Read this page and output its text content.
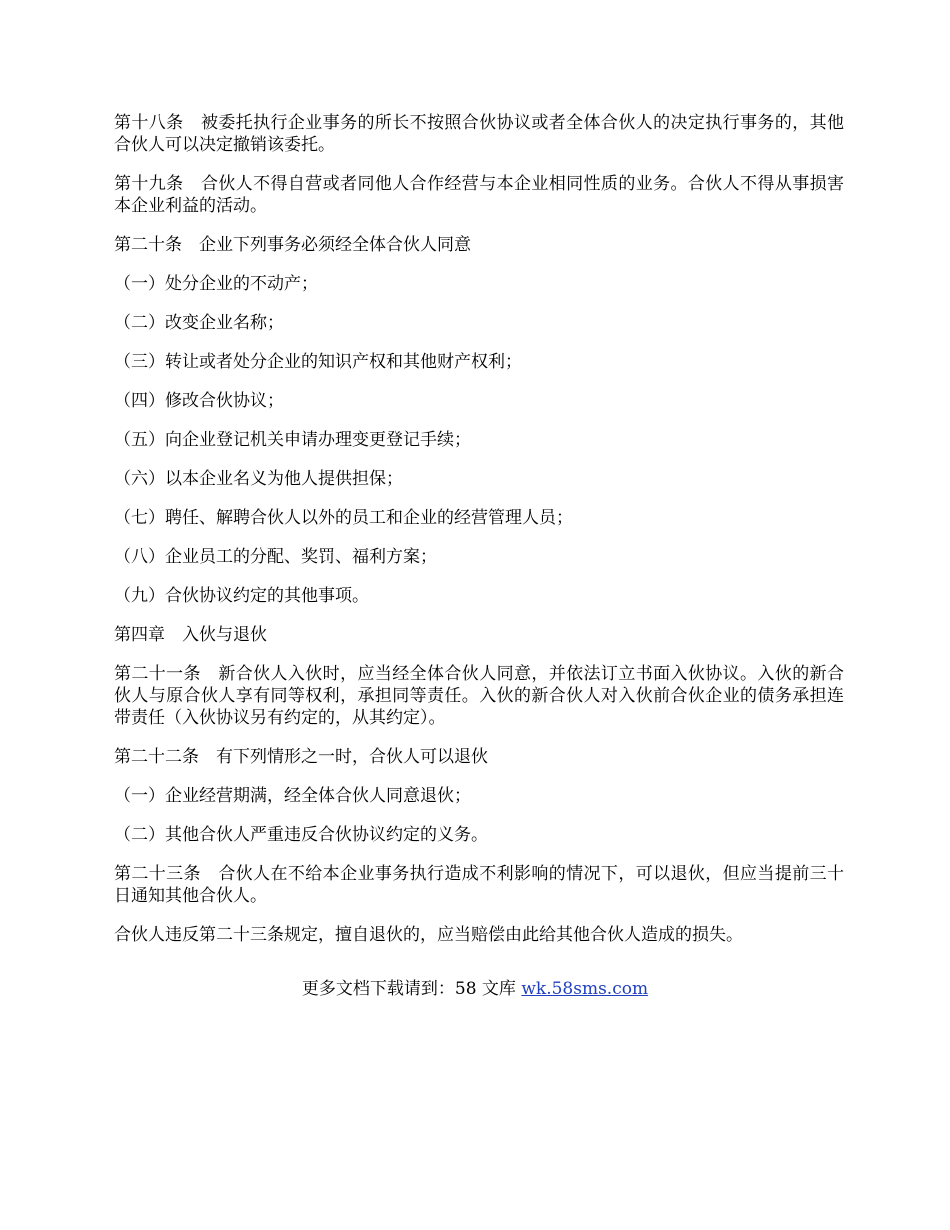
第十八条　被委托执行企业事务的所长不按照合伙协议或者全体合伙人的决定执行事务的，其他合伙人可以决定撤销该委托。

第十九条　合伙人不得自营或者同他人合作经营与本企业相同性质的业务。合伙人不得从事损害本企业利益的活动。

第二十条　企业下列事务必须经全体合伙人同意

（一）处分企业的不动产；

（二）改变企业名称；

（三）转让或者处分企业的知识产权和其他财产权利；

（四）修改合伙协议；

（五）向企业登记机关申请办理变更登记手续；

（六）以本企业名义为他人提供担保；

（七）聘任、解聘合伙人以外的员工和企业的经营管理人员；

（八）企业员工的分配、奖罚、福利方案；

（九）合伙协议约定的其他事项。

第四章　入伙与退伙

第二十一条　新合伙人入伙时，应当经全体合伙人同意，并依法订立书面入伙协议。入伙的新合伙人与原合伙人享有同等权利，承担同等责任。入伙的新合伙人对入伙前合伙企业的债务承担连带责任（入伙协议另有约定的，从其约定）。

第二十二条　有下列情形之一时，合伙人可以退伙

（一）企业经营期满，经全体合伙人同意退伙；

（二）其他合伙人严重违反合伙协议约定的义务。

第二十三条　合伙人在不给本企业事务执行造成不利影响的情况下，可以退伙，但应当提前三十日通知其他合伙人。

合伙人违反第二十三条规定，擅自退伙的，应当赔偿由此给其他合伙人造成的损失。

更多文档下载请到：58 文库 wk.58sms.com
